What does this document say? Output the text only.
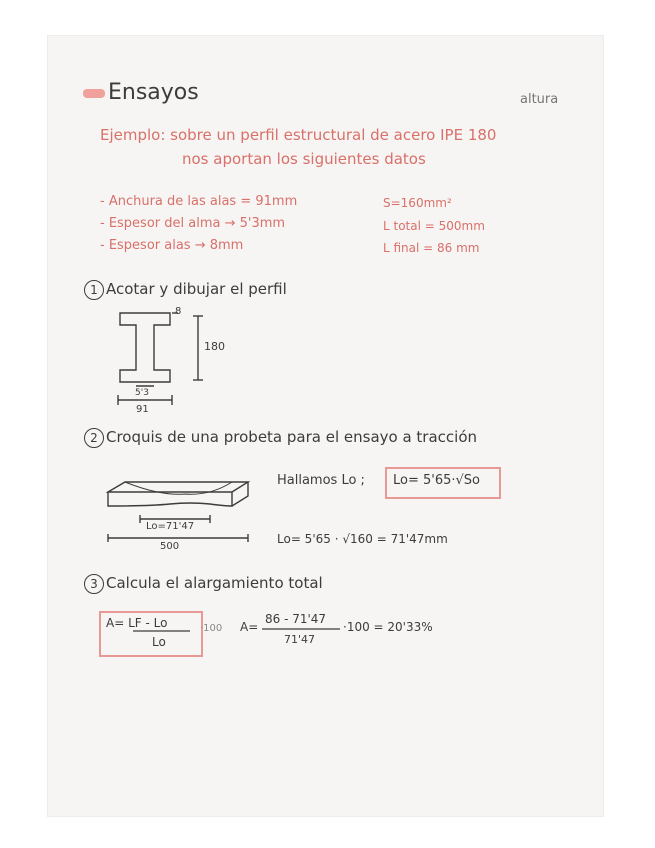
Ensayos	altura
Ejemplo: sobre un perfil estructural de acero IPE 180
nos aportan los siguientes datos
- Anchura de las alas = 91mm
- Espesor del alma → 5'3mm
- Espesor alas → 8mm
S=160mm²
L total = 500mm
L final = 86 mm
1 Acotar y dibujar el perfil
8
180
5'3
91
2 Croquis de una probeta para el ensayo a tracción
Hallamos Lo ; Lo= 5'65·√So
Lo=71'47
500
Lo= 5'65 · √160 = 71'47mm
3 Calcula el alargamiento total
A= LF - Lo
Lo
·100 A=
86 - 71'47
71'47
·100 = 20'33%
